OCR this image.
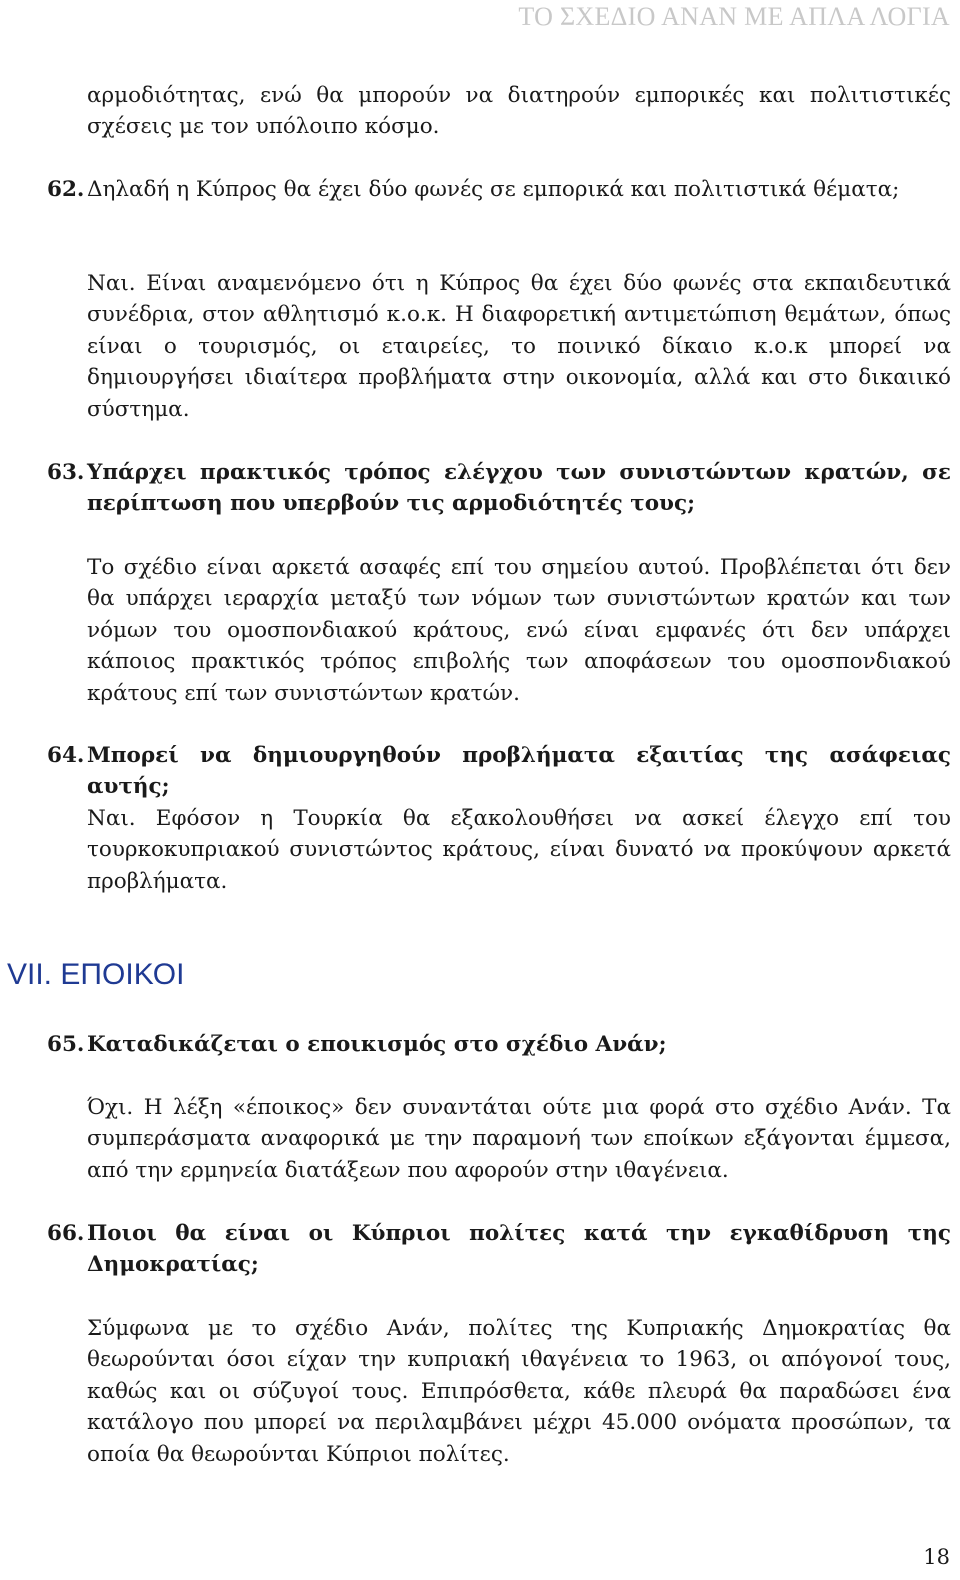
ΤΟ ΣΧΕΔΙΟ ΑΝΑΝ ΜΕ ΑΠΛΑ ΛΟΓΙΑ

αρμοδιότητας, ενώ θα μπορούν να διατηρούν εμπορικές και πολιτιστικές σχέσεις με τον υπόλοιπο κόσμο.

62. Δηλαδή η Κύπρος θα έχει δύο φωνές σε εμπορικά και πολιτιστικά θέματα;

Ναι. Είναι αναμενόμενο ότι η Κύπρος θα έχει δύο φωνές στα εκπαιδευτικά συνέδρια, στον αθλητισμό κ.ο.κ. Η διαφορετική αντιμετώπιση θεμάτων, όπως είναι ο τουρισμός, οι εταιρείες, το ποινικό δίκαιο κ.ο.κ μπορεί να δημιουργήσει ιδιαίτερα προβλήματα στην οικονομία, αλλά και στο δικαιικό σύστημα.

63. Υπάρχει πρακτικός τρόπος ελέγχου των συνιστώντων κρατών, σε περίπτωση που υπερβούν τις αρμοδιότητές τους;

Το σχέδιο είναι αρκετά ασαφές επί του σημείου αυτού. Προβλέπεται ότι δεν θα υπάρχει ιεραρχία μεταξύ των νόμων των συνιστώντων κρατών και των νόμων του ομοσπονδιακού κράτους, ενώ είναι εμφανές ότι δεν υπάρχει κάποιος πρακτικός τρόπος επιβολής των αποφάσεων του ομοσπονδιακού κράτους επί των συνιστώντων κρατών.

64. Μπορεί να δημιουργηθούν προβλήματα εξαιτίας της ασάφειας αυτής;

Ναι. Εφόσον η Τουρκία θα εξακολουθήσει να ασκεί έλεγχο επί του τουρκοκυπριακού συνιστώντος κράτους, είναι δυνατό να προκύψουν αρκετά προβλήματα.

VII. ΕΠΟΙΚΟΙ
65. Καταδικάζεται ο εποικισμός στο σχέδιο Ανάν;

Όχι. Η λέξη «έποικος» δεν συναντάται ούτε μια φορά στο σχέδιο Ανάν. Τα συμπεράσματα αναφορικά με την παραμονή των εποίκων εξάγονται έμμεσα, από την ερμηνεία διατάξεων που αφορούν στην ιθαγένεια.

66. Ποιοι θα είναι οι Κύπριοι πολίτες κατά την εγκαθίδρυση της Δημοκρατίας;

Σύμφωνα με το σχέδιο Ανάν, πολίτες της Κυπριακής Δημοκρατίας θα θεωρούνται όσοι είχαν την κυπριακή ιθαγένεια το 1963, οι απόγονοί τους, καθώς και οι σύζυγοί τους. Επιπρόσθετα, κάθε πλευρά θα παραδώσει ένα κατάλογο που μπορεί να περιλαμβάνει μέχρι 45.000 ονόματα προσώπων, τα οποία θα θεωρούνται Κύπριοι πολίτες.

18
